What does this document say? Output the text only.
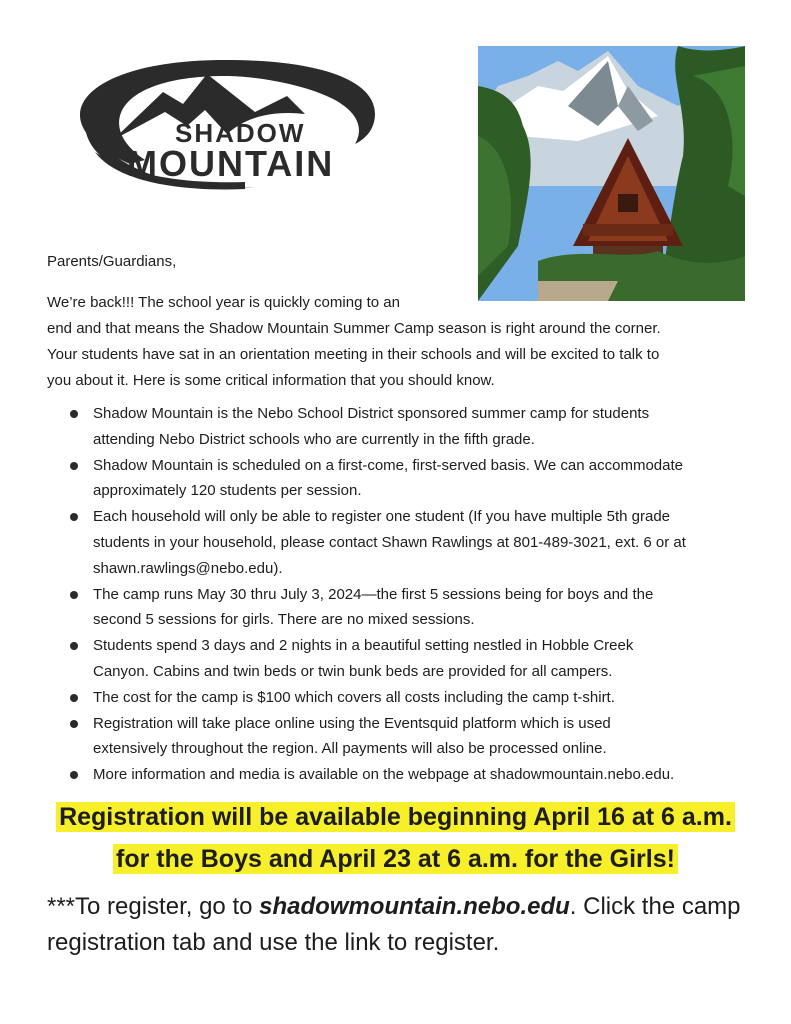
SHADOW
MOUNTAIN
Parents/Guardians,
We’re back!!! The school year is quickly coming to an
end and that means the Shadow Mountain Summer Camp season is right around the corner.
Your students have sat in an orientation meeting in their schools and will be excited to talk to
you about it. Here is some critical information that you should know.
Shadow Mountain is the Nebo School District sponsored summer camp for students
attending Nebo District schools who are currently in the fifth grade.
Shadow Mountain is scheduled on a first-come, first-served basis. We can accommodate
approximately 120 students per session.
Each household will only be able to register one student (If you have multiple 5th grade
students in your household, please contact Shawn Rawlings at 801-489-3021, ext. 6 or at
shawn.rawlings@nebo.edu).
The camp runs May 30 thru July 3, 2024—the first 5 sessions being for boys and the
second 5 sessions for girls. There are no mixed sessions.
Students spend 3 days and 2 nights in a beautiful setting nestled in Hobble Creek
Canyon. Cabins and twin beds or twin bunk beds are provided for all campers.
The cost for the camp is $100 which covers all costs including the camp t-shirt.
Registration will take place online using the Eventsquid platform which is used
extensively throughout the region. All payments will also be processed online.
More information and media is available on the webpage at shadowmountain.nebo.edu.
Registration will be available beginning April 16 at 6 a.m.
for the Boys and April 23 at 6 a.m. for the Girls!
***To register, go to shadowmountain.nebo.edu. Click the camp registration tab and use the link to register.
